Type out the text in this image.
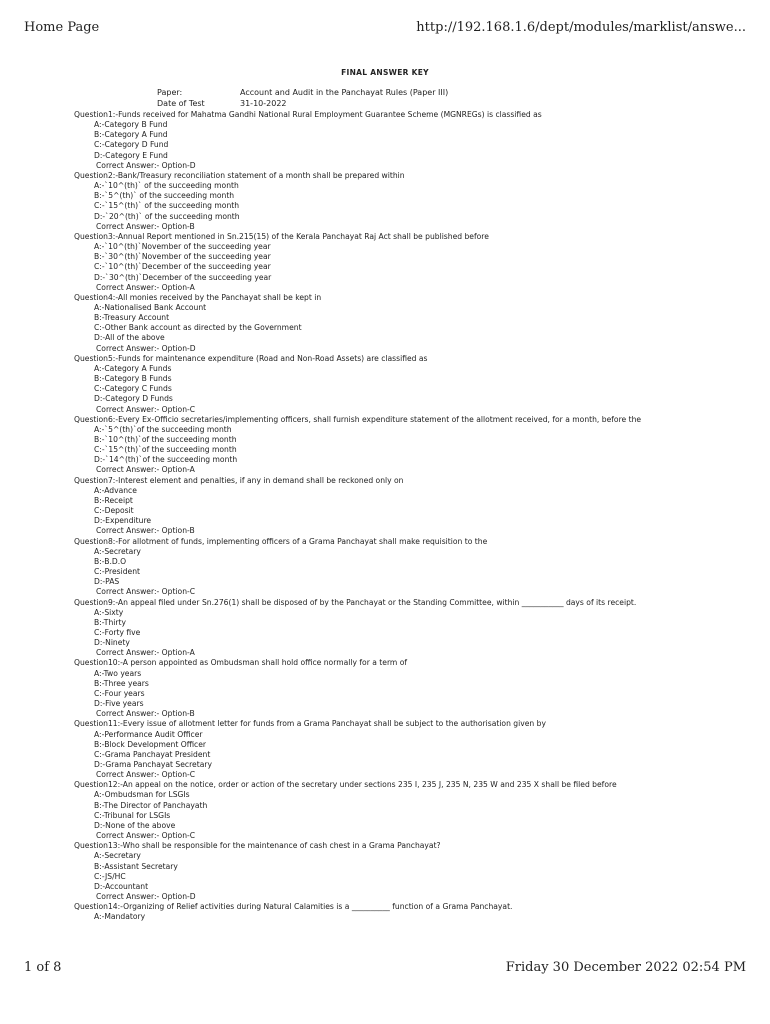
Home Page	http://192.168.1.6/dept/modules/marklist/answe...
FINAL ANSWER KEY
Paper:	Account and Audit in the Panchayat Rules (Paper III)
Date of Test	31-10-2022
Question1:-Funds received for Mahatma Gandhi National Rural Employment Guarantee Scheme (MGNREGs) is classified as
A:-Category B Fund
B:-Category A Fund
C:-Category D Fund
D:-Category E Fund
Correct Answer:- Option-D
Question2:-Bank/Treasury reconciliation statement of a month shall be prepared within
A:-`10^(th)` of the succeeding month
B:-`5^(th)` of the succeeding month
C:-`15^(th)` of the succeeding month
D:-`20^(th)` of the succeeding month
Correct Answer:- Option-B
Question3:-Annual Report mentioned in Sn.215(15) of the Kerala Panchayat Raj Act shall be published before
A:-`10^(th)`November of the succeeding year
B:-`30^(th)`November of the succeeding year
C:-`10^(th)`December of the succeeding year
D:-`30^(th)`December of the succeeding year
Correct Answer:- Option-A
Question4:-All monies received by the Panchayat shall be kept in
A:-Nationalised Bank Account
B:-Treasury Account
C:-Other Bank account as directed by the Government
D:-All of the above
Correct Answer:- Option-D
Question5:-Funds for maintenance expenditure (Road and Non-Road Assets) are classified as
A:-Category A Funds
B:-Category B Funds
C:-Category C Funds
D:-Category D Funds
Correct Answer:- Option-C
Question6:-Every Ex-Officio secretaries/implementing officers, shall furnish expenditure statement of the allotment received, for a month, before the
A:-`5^(th)`of the succeeding month
B:-`10^(th)`of the succeeding month
C:-`15^(th)`of the succeeding month
D:-`14^(th)`of the succeeding month
Correct Answer:- Option-A
Question7:-Interest element and penalties, if any in demand shall be reckoned only on
A:-Advance
B:-Receipt
C:-Deposit
D:-Expenditure
Correct Answer:- Option-B
Question8:-For allotment of funds, implementing officers of a Grama Panchayat shall make requisition to the
A:-Secretary
B:-B.D.O
C:-President
D:-PAS
Correct Answer:- Option-C
Question9:-An appeal filed under Sn.276(1) shall be disposed of by the Panchayat or the Standing Committee, within ___________ days of its receipt.
A:-Sixty
B:-Thirty
C:-Forty five
D:-Ninety
Correct Answer:- Option-A
Question10:-A person appointed as Ombudsman shall hold office normally for a term of
A:-Two years
B:-Three years
C:-Four years
D:-Five years
Correct Answer:- Option-B
Question11:-Every issue of allotment letter for funds from a Grama Panchayat shall be subject to the authorisation given by
A:-Performance Audit Officer
B:-Block Development Officer
C:-Grama Panchayat President
D:-Grama Panchayat Secretary
Correct Answer:- Option-C
Question12:-An appeal on the notice, order or action of the secretary under sections 235 I, 235 J, 235 N, 235 W and 235 X shall be filed before
A:-Ombudsman for LSGIs
B:-The Director of Panchayath
C:-Tribunal for LSGIs
D:-None of the above
Correct Answer:- Option-C
Question13:-Who shall be responsible for the maintenance of cash chest in a Grama Panchayat?
A:-Secretary
B:-Assistant Secretary
C:-JS/HC
D:-Accountant
Correct Answer:- Option-D
Question14:-Organizing of Relief activities during Natural Calamities is a __________ function of a Grama Panchayat.
A:-Mandatory
1 of 8	Friday 30 December 2022 02:54 PM
